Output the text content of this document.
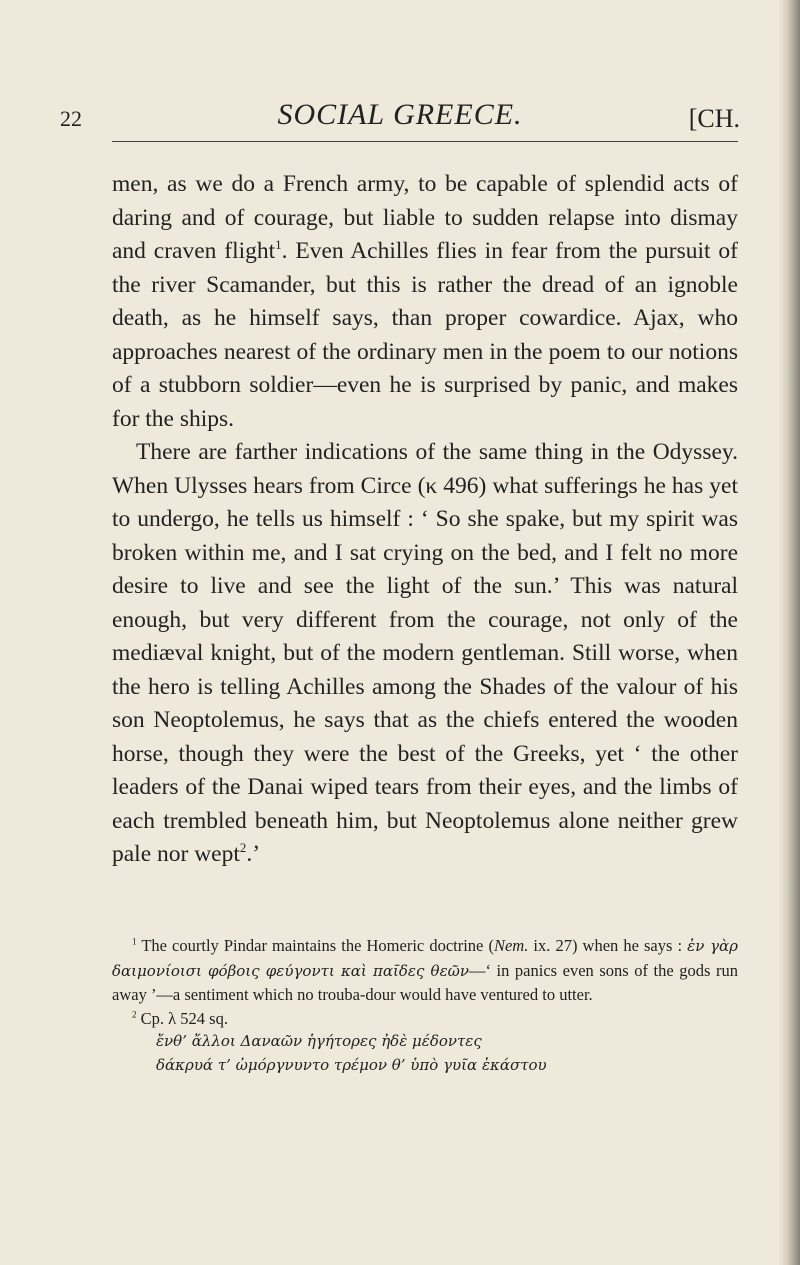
22	SOCIAL GREECE.	[CH.

men, as we do a French army, to be capable of splendid acts of daring and of courage, but liable to sudden relapse into dismay and craven flight$^1$. Even Achilles flies in fear from the pursuit of the river Scamander, but this is rather the dread of an ignoble death, as he himself says, than proper cowardice. Ajax, who approaches nearest of the ordinary men in the poem to our notions of a stubborn soldier—even he is surprised by panic, and makes for the ships.

There are farther indications of the same thing in the Odyssey. When Ulysses hears from Circe (κ 496) what sufferings he has yet to undergo, he tells us himself : ‘ So she spake, but my spirit was broken within me, and I sat crying on the bed, and I felt no more desire to live and see the light of the sun.’ This was natural enough, but very different from the courage, not only of the mediæval knight, but of the modern gentleman. Still worse, when the hero is telling Achilles among the Shades of the valour of his son Neoptolemus, he says that as the chiefs entered the wooden horse, though they were the best of the Greeks, yet ‘ the other leaders of the Danai wiped tears from their eyes, and the limbs of each trembled beneath him, but Neoptolemus alone neither grew pale nor wept$^2$.’

$^1$ The courtly Pindar maintains the Homeric doctrine (Nem. ix. 27) when he says : ἐν γὰρ δαιμονίοισι φόβοις φεύγοντι καὶ παῖδες θεῶν—‘ in panics even sons of the gods run away ’—a sentiment which no trouba-dour would have ventured to utter.

$^2$ Cp. λ 524 sq.

ἔνθ’ ἄλλοι Δαναῶν ἡγήτορες ἠδὲ μέδοντες
δάκρυά τ’ ὠμόργνυντο τρέμον θ’ ὑπὸ γυῖα ἑκάστου
